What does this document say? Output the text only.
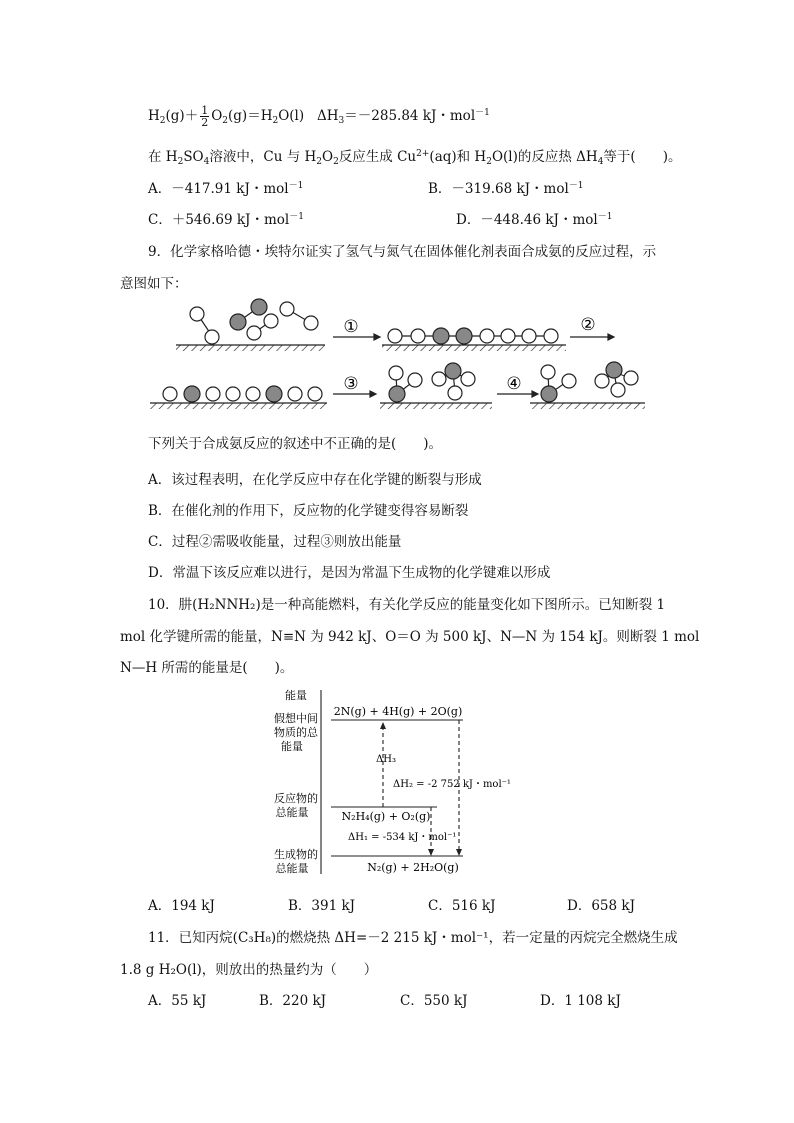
$H_2(g)+ \frac{1}{2} O_2(g)=H_2O(l)$ $\Delta H_3=-285.84$ kJ・mol$^{-1}$
在 $H_2SO_4$溶液中，Cu 与 $H_2O_2$反应生成 $Cu^{2+}(aq)$和 $H_2O(l)$的反应热 $\Delta H_4$等于(　　)。
A．－417.91 kJ・mol$^{-1}$	B．－319.68 kJ・mol$^{-1}$
C．＋546.69 kJ・mol$^{-1}$	D．－448.46 kJ・mol$^{-1}$
9．化学家格哈德・埃特尔证实了氢气与氮气在固体催化剂表面合成氨的反应过程，示
意图如下：
①	②
③	④
下列关于合成氨反应的叙述中不正确的是(　　)。
A．该过程表明，在化学反应中存在化学键的断裂与形成
B．在催化剂的作用下，反应物的化学键变得容易断裂
C．过程②需吸收能量，过程③则放出能量
D．常温下该反应难以进行，是因为常温下生成物的化学键难以形成
10．肼(H₂NNH₂)是一种高能燃料，有关化学反应的能量变化如下图所示。已知断裂 1
mol 化学键所需的能量，N≡N 为 942 kJ、O＝O 为 500 kJ、N—N 为 154 kJ。则断裂 1 mol
N—H 所需的能量是(　　)。
能量
假想中间
物质的总
能量
反应物的
总能量
生成物的
总能量
2N(g) + 4H(g) + 2O(g)
N₂H₄(g) + O₂(g)
N₂(g) + 2H₂O(g)
ΔH₃
ΔH₂ = -2 752 kJ・mol⁻¹
ΔH₁ = -534 kJ・mol⁻¹
A．194 kJ	B．391 kJ	C．516 kJ	D．658 kJ
11．已知丙烷(C₃H₈)的燃烧热 ΔH=－2 215 kJ・mol⁻¹，若一定量的丙烷完全燃烧生成
1.8 g H₂O(l)，则放出的热量约为（　　）
A．55 kJ	B．220 kJ	C．550 kJ	D．1 108 kJ
